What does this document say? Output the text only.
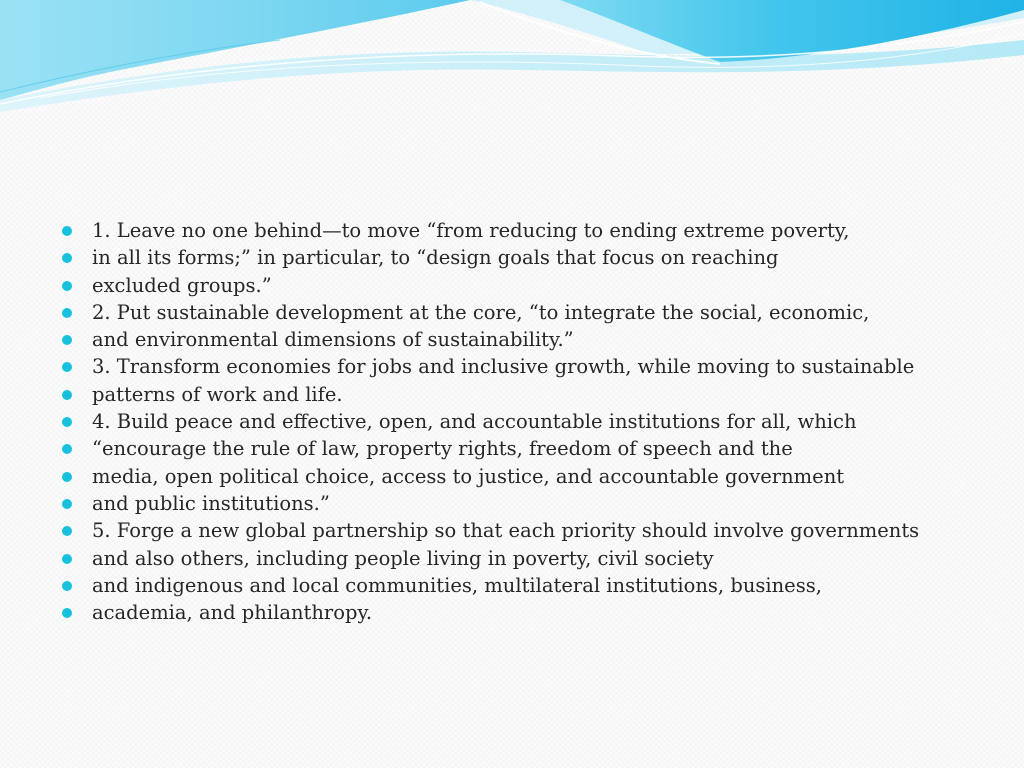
1. Leave no one behind—to move “from reducing to ending extreme poverty,
in all its forms;” in particular, to “design goals that focus on reaching
excluded groups.”
2. Put sustainable development at the core, “to integrate the social, economic,
and environmental dimensions of sustainability.”
3. Transform economies for jobs and inclusive growth, while moving to sustainable
patterns of work and life.
4. Build peace and effective, open, and accountable institutions for all, which
“encourage the rule of law, property rights, freedom of speech and the
media, open political choice, access to justice, and accountable government
and public institutions.”
5. Forge a new global partnership so that each priority should involve governments
and also others, including people living in poverty, civil society
and indigenous and local communities, multilateral institutions, business,
academia, and philanthropy.
